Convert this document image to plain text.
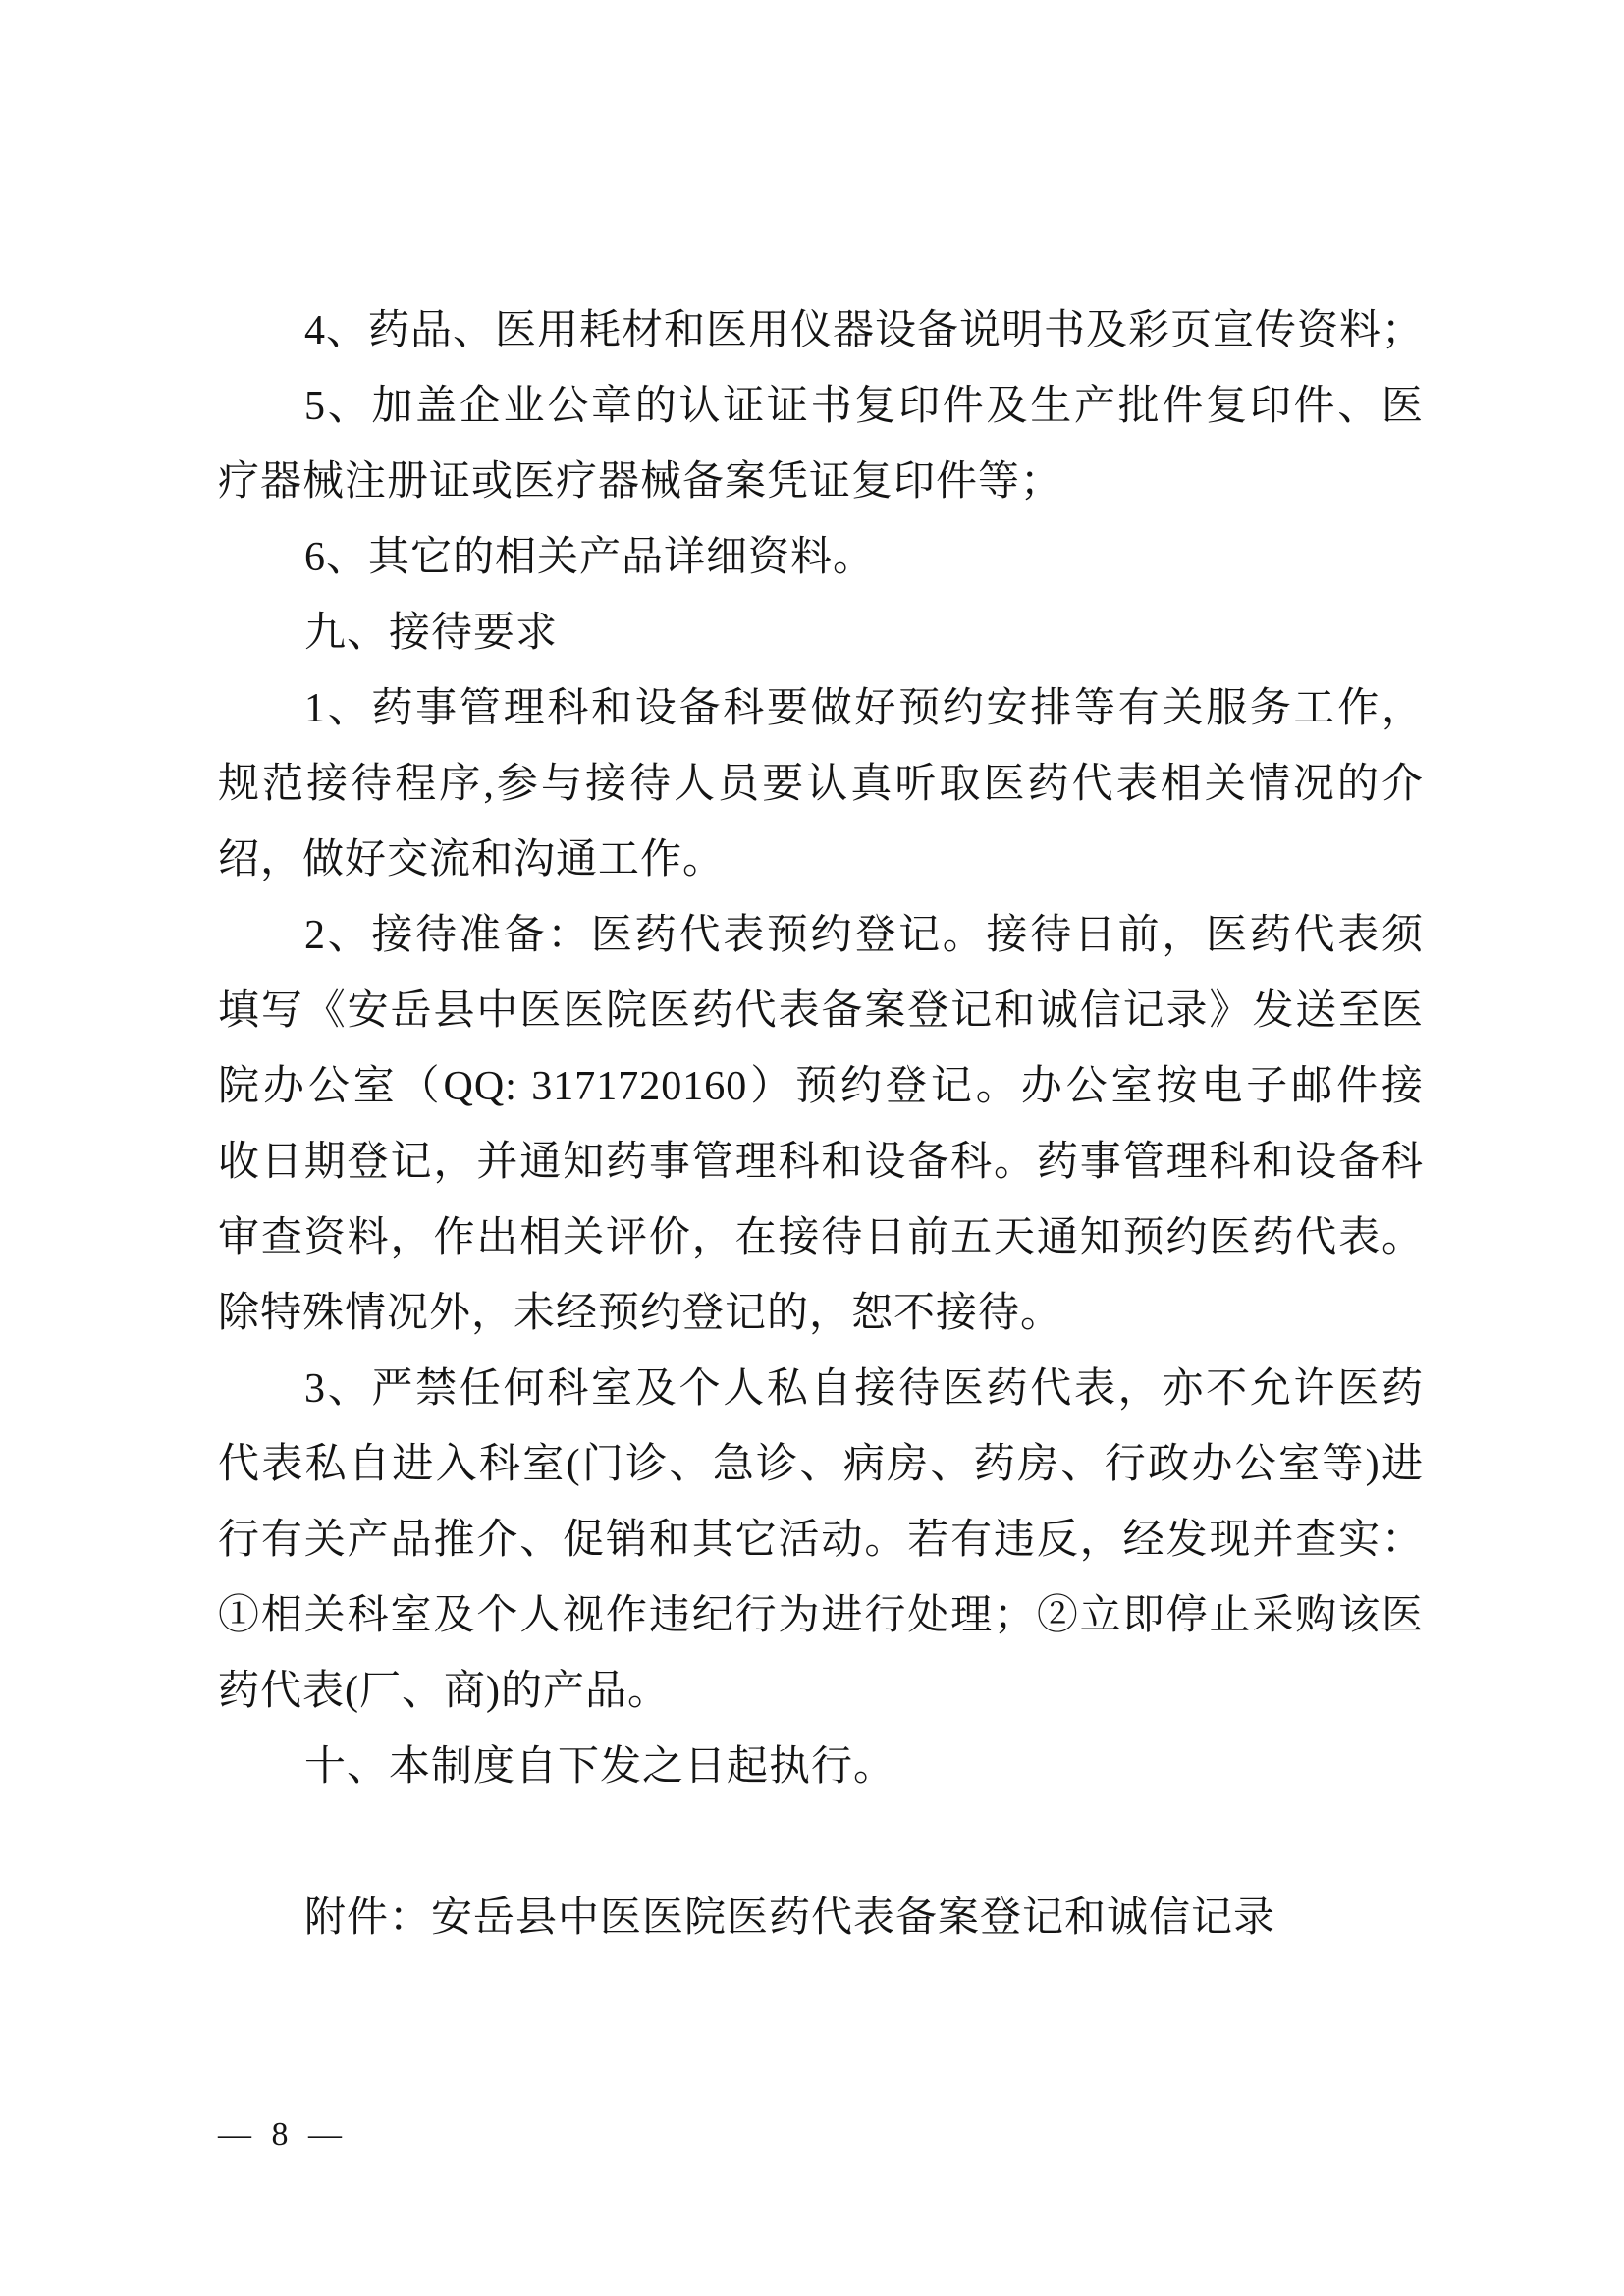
4、药品、医用耗材和医用仪器设备说明书及彩页宣传资料；
5、加盖企业公章的认证证书复印件及生产批件复印件、医
疗器械注册证或医疗器械备案凭证复印件等；
6、其它的相关产品详细资料。
九、接待要求
1、药事管理科和设备科要做好预约安排等有关服务工作，
规范接待程序,参与接待人员要认真听取医药代表相关情况的介
绍，做好交流和沟通工作。
2、接待准备：医药代表预约登记。接待日前，医药代表须
填写《安岳县中医医院医药代表备案登记和诚信记录》发送至医
院办公室（QQ: 3171720160）预约登记。办公室按电子邮件接
收日期登记，并通知药事管理科和设备科。药事管理科和设备科
审查资料，作出相关评价，在接待日前五天通知预约医药代表。
除特殊情况外，未经预约登记的，恕不接待。
3、严禁任何科室及个人私自接待医药代表，亦不允许医药
代表私自进入科室(门诊、急诊、病房、药房、行政办公室等)进
行有关产品推介、促销和其它活动。若有违反，经发现并查实：
①相关科室及个人视作违纪行为进行处理；②立即停止采购该医
药代表(厂、商)的产品。
十、本制度自下发之日起执行。
附件：安岳县中医医院医药代表备案登记和诚信记录
— 8 —
